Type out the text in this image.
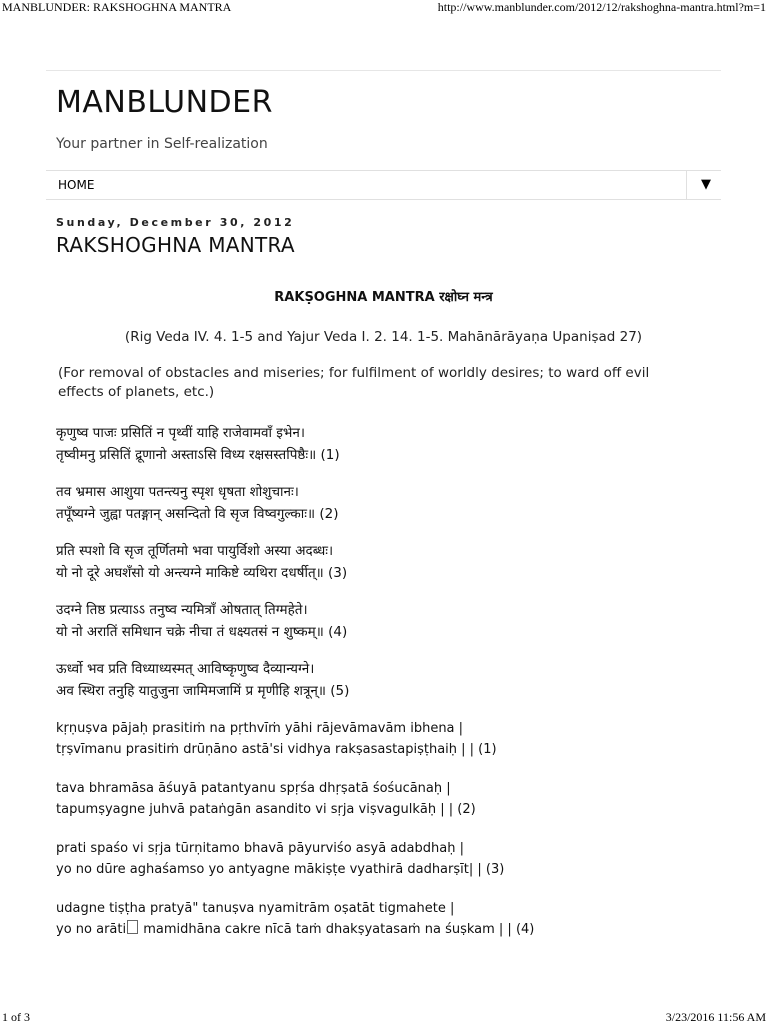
MANBLUNDER: RAKSHOGHNA MANTRA	http://www.manblunder.com/2012/12/rakshoghna-mantra.html?m=1
MANBLUNDER
Your partner in Self-realization
HOME	▼
Sunday, December 30, 2012
RAKSHOGHNA MANTRA
RAKṢOGHNA MANTRA रक्षोघ्न मन्त्र
(Rig Veda IV. 4. 1-5 and Yajur Veda I. 2. 14. 1-5. Mahānārāyaṇa Upaniṣad 27)
(For removal of obstacles and miseries; for fulfilment of worldly desires; to ward off evil effects of planets, etc.)
कृणुष्व पाजः प्रसितिं न पृथ्वीं याहि राजेवामवाँ इभेन।
तृष्वीमनु प्रसितिं द्रूणानो अस्ताऽसि विध्य रक्षसस्तपिष्ठैः॥ (1)
तव भ्रमास आशुया पतन्त्यनु स्पृश धृषता शोशुचानः।
तपूँष्यग्ने जुह्वा पतङ्गान् असन्दितो वि सृज विष्वगुल्काः॥ (2)
प्रति स्पशो वि सृज तूर्णितमो भवा पायुर्विशो अस्या अदब्धः।
यो नो दूरे अघशँसो यो अन्त्यग्ने माकिष्टे व्यथिरा दधर्षीत्॥ (3)
उदग्ने तिष्ठ प्रत्याऽऽ तनुष्व न्यमित्राँ ओषतात् तिग्महेते।
यो नो अरातिं समिधान चक्रे नीचा तं धक्ष्यतसं न शुष्कम्॥ (4)
ऊर्ध्वो भव प्रति विध्याध्यस्मत् आविष्कृणुष्व दैव्यान्यग्ने।
अव स्थिरा तनुहि यातुजुना जामिमजामिं प्र मृणीहि शत्रून्॥ (5)
kṛṇuṣva pājaḥ prasitiṁ na pṛthvīṁ yāhi rājevāmavām ibhena |
tṛṣvīmanu prasitiṁ drūṇāno astā'si vidhya rakṣasastapiṣṭhaiḥ | | (1)
tava bhramāsa āśuyā patantyanu spṛśa dhṛṣatā śośucānaḥ |
tapumṣyagne juhvā pataṅgān asandito vi sṛja viṣvagulkāḥ | | (2)
prati spaśo vi sṛja tūrṇitamo bhavā pāyurviśo asyā adabdhaḥ |
yo no dūre aghaśamso yo antyagne mākiṣṭe vyathirā dadharṣīt| | (3)
udagne tiṣṭha pratyā" tanuṣva nyamitrām oṣatāt tigmahete |
yo no arāti mamidhāna cakre nīcā taṁ dhakṣyatasaṁ na śuṣkam | | (4)
1 of 3	3/23/2016 11:56 AM
